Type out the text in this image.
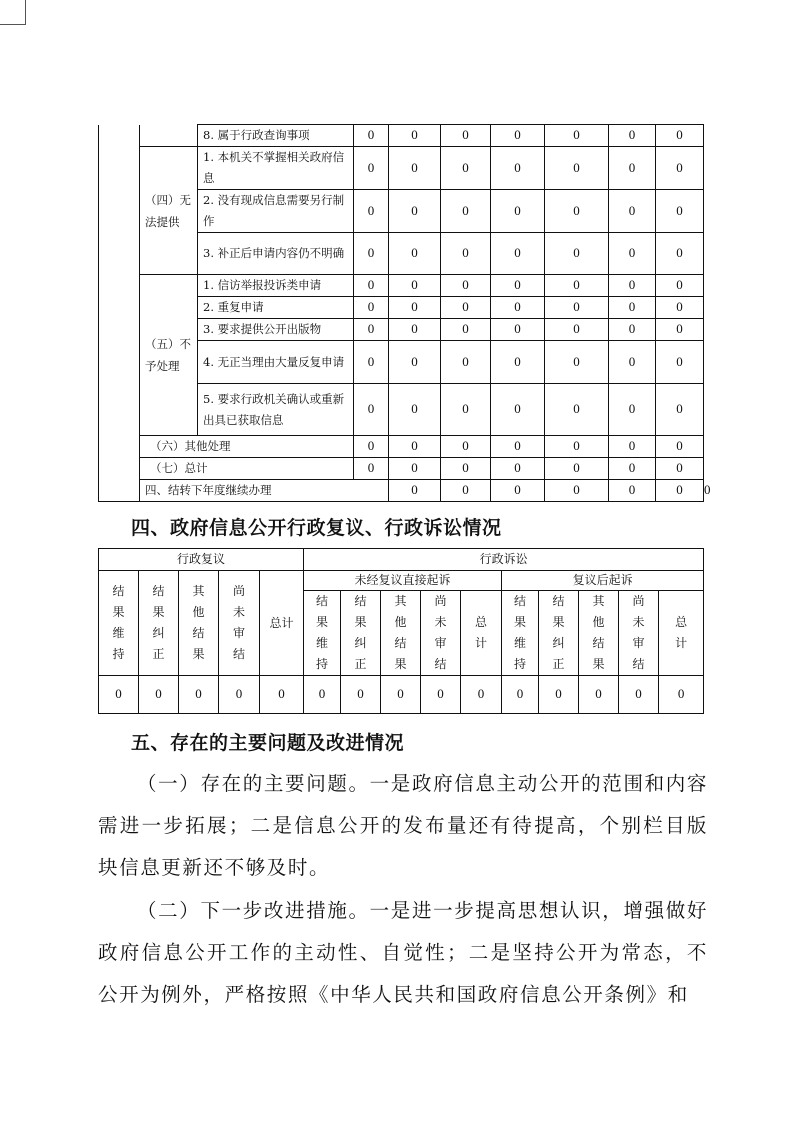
		8. 属于行政查询事项	0	0	0	0	0	0	0	
	（四）无法提供	1. 本机关不掌握相关政府信息	0	0	0	0	0	0	0	
		2. 没有现成信息需要另行制作	0	0	0	0	0	0	0	
		3. 补正后申请内容仍不明确	0	0	0	0	0	0	0	
	（五）不予处理	1. 信访举报投诉类申请	0	0	0	0	0	0	0	
		2. 重复申请	0	0	0	0	0	0	0	
		3. 要求提供公开出版物	0	0	0	0	0	0	0	
		4. 无正当理由大量反复申请	0	0	0	0	0	0	0	
		5. 要求行政机关确认或重新出具已获取信息	0	0	0	0	0	0	0	
	（六）其他处理		0	0	0	0	0	0	0	
	（七）总计		0	0	0	0	0	0	0	
	四、结转下年度继续办理			0	0	0	0	0	0	0
四、政府信息公开行政复议、行政诉讼情况
行政复议					行政诉讼									
结果维持	结果纠正	其他结果	尚未审结	总计	未经复议直接起诉					复议后起诉				
					结果维持	结果纠正	其他结果	尚未审结	总计	结果维持	结果纠正	其他结果	尚未审结	总计
0	0	0	0	0	0	0	0	0	0	0	0	0	0	0
五、存在的主要问题及改进情况
（一）存在的主要问题。一是政府信息主动公开的范围和内容需进一步拓展；二是信息公开的发布量还有待提高，个别栏目版块信息更新还不够及时。
（二）下一步改进措施。一是进一步提高思想认识，增强做好政府信息公开工作的主动性、自觉性；二是坚持公开为常态，不公开为例外，严格按照《中华人民共和国政府信息公开条例》和
